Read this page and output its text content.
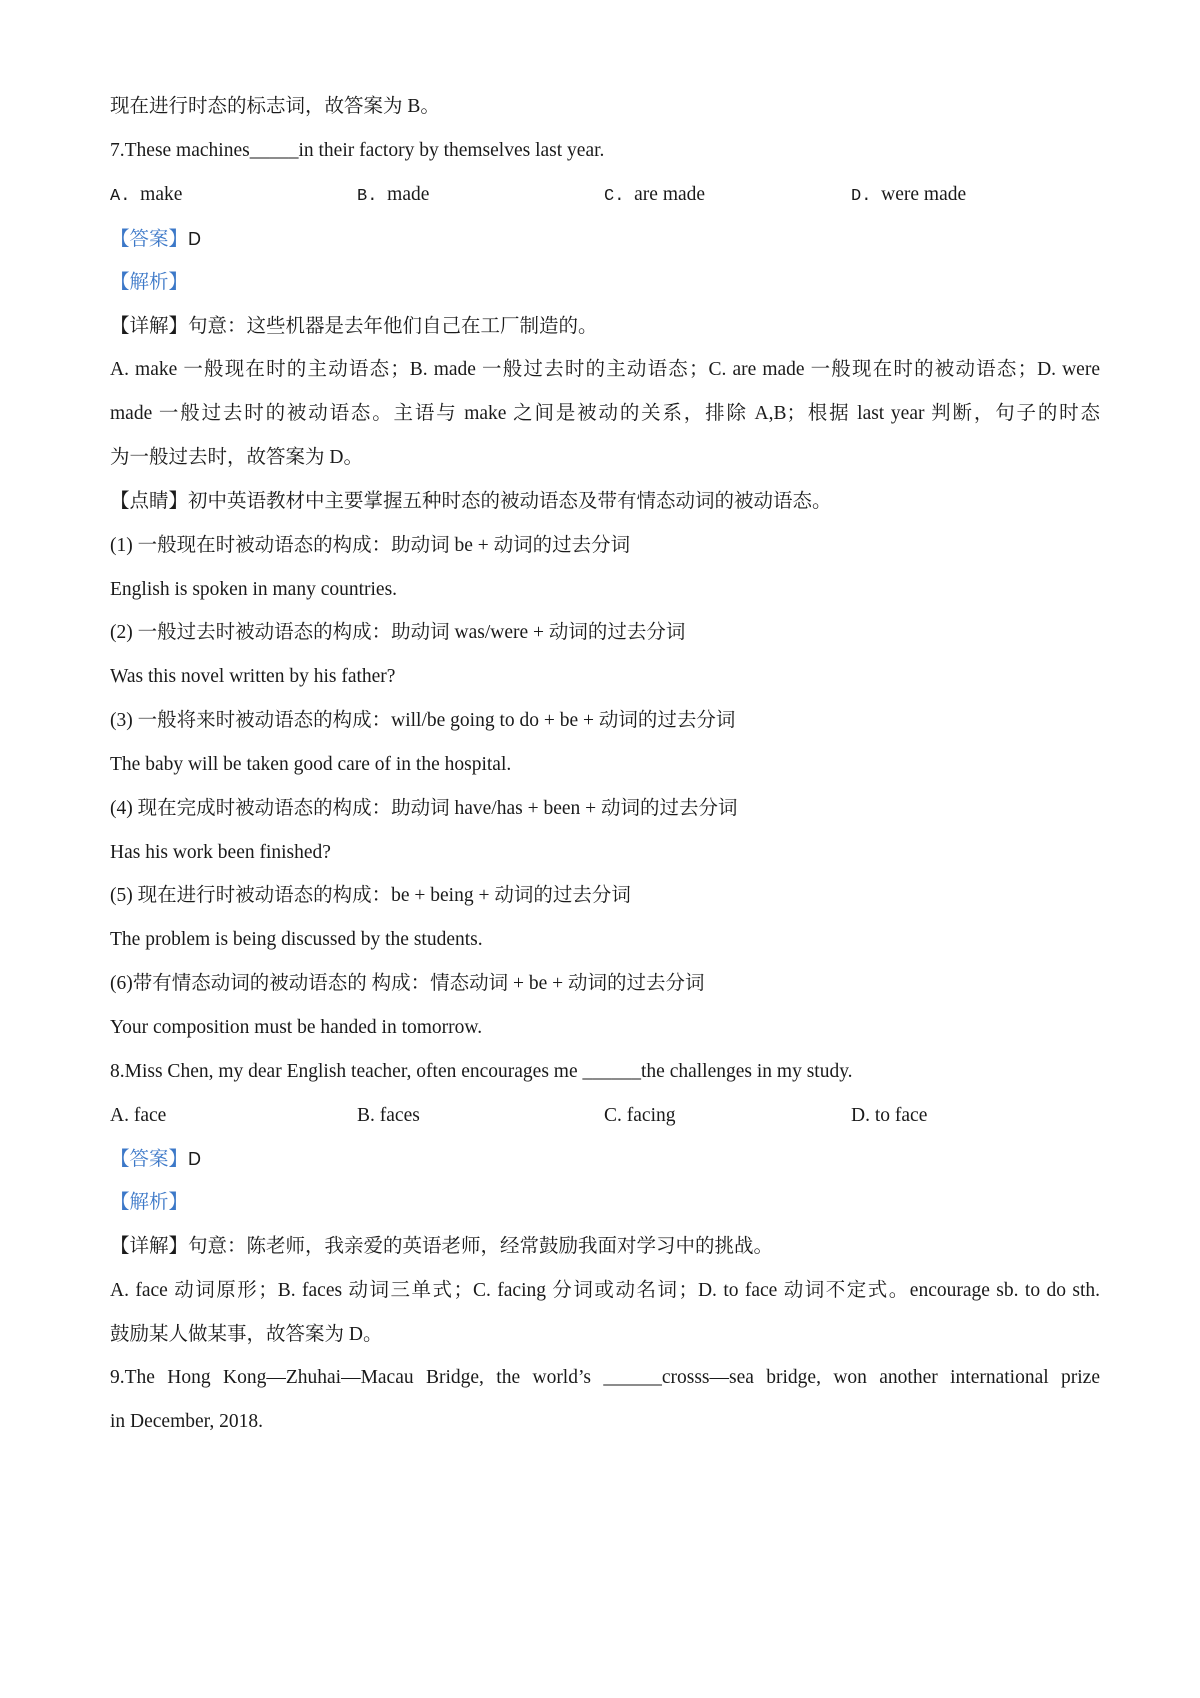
现在进行时态的标志词，故答案为 B。
7.These machines_____in their factory by themselves last year.
A. make	B. made	C. are made	D. were made
【答案】D
【解析】
【详解】句意：这些机器是去年他们自己在工厂制造的。
A. make 一般现在时的主动语态；B. made 一般过去时的主动语态；C. are made 一般现在时的被动语态；D. were
made 一般过去时的被动语态。主语与 make 之间是被动的关系，排除 A,B；根据 last year 判断，句子的时态
为一般过去时，故答案为 D。
【点睛】初中英语教材中主要掌握五种时态的被动语态及带有情态动词的被动语态。
(1) 一般现在时被动语态的构成：助动词 be + 动词的过去分词
English is spoken in many countries.
(2) 一般过去时被动语态的构成：助动词 was/were + 动词的过去分词
Was this novel written by his father?
(3) 一般将来时被动语态的构成：will/be going to do + be + 动词的过去分词
The baby will be taken good care of in the hospital.
(4) 现在完成时被动语态的构成：助动词 have/has + been + 动词的过去分词
Has his work been finished?
(5) 现在进行时被动语态的构成：be + being + 动词的过去分词
The problem is being discussed by the students.
(6)带有情态动词的被动语态的 构成：情态动词 + be + 动词的过去分词
Your composition must be handed in tomorrow.
8.Miss Chen, my dear English teacher, often encourages me ______the challenges in my study.
A. face	B. faces	C. facing	D. to face
【答案】D
【解析】
【详解】句意：陈老师，我亲爱的英语老师，经常鼓励我面对学习中的挑战。
A. face 动词原形；B. faces 动词三单式；C. facing 分词或动名词；D. to face 动词不定式。encourage sb. to do sth.
鼓励某人做某事，故答案为 D。
9.The Hong Kong—Zhuhai—Macau Bridge, the world’s ______crosss—sea bridge, won another international prize
in December, 2018.
